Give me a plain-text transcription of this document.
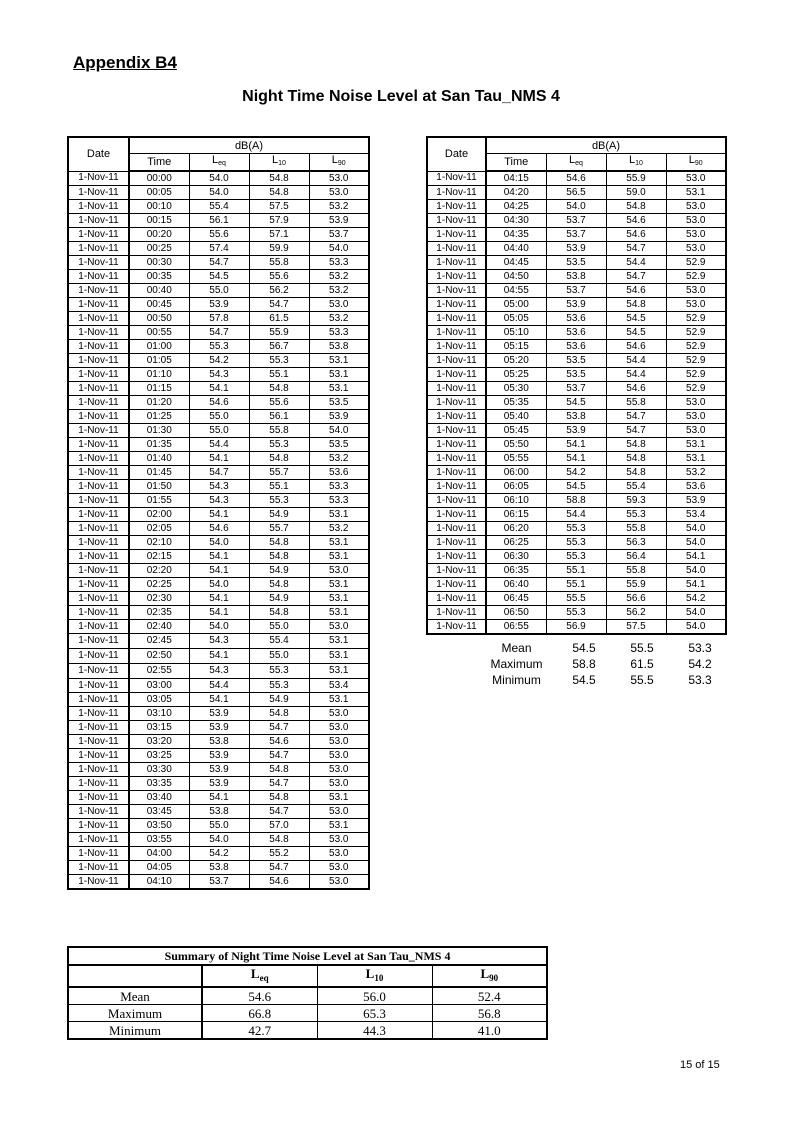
Appendix B4
Night Time Noise Level at San Tau_NMS 4
Date	dB(A)			
	Time	$L_{eq}$	$L_{10}$	$L_{90}$
1-Nov-11	00:00	54.0	54.8	53.0
1-Nov-11	00:05	54.0	54.8	53.0
1-Nov-11	00:10	55.4	57.5	53.2
1-Nov-11	00:15	56.1	57.9	53.9
1-Nov-11	00:20	55.6	57.1	53.7
1-Nov-11	00:25	57.4	59.9	54.0
1-Nov-11	00:30	54.7	55.8	53.3
1-Nov-11	00:35	54.5	55.6	53.2
1-Nov-11	00:40	55.0	56.2	53.2
1-Nov-11	00:45	53.9	54.7	53.0
1-Nov-11	00:50	57.8	61.5	53.2
1-Nov-11	00:55	54.7	55.9	53.3
1-Nov-11	01:00	55.3	56.7	53.8
1-Nov-11	01:05	54.2	55.3	53.1
1-Nov-11	01:10	54.3	55.1	53.1
1-Nov-11	01:15	54.1	54.8	53.1
1-Nov-11	01:20	54.6	55.6	53.5
1-Nov-11	01:25	55.0	56.1	53.9
1-Nov-11	01:30	55.0	55.8	54.0
1-Nov-11	01:35	54.4	55.3	53.5
1-Nov-11	01:40	54.1	54.8	53.2
1-Nov-11	01:45	54.7	55.7	53.6
1-Nov-11	01:50	54.3	55.1	53.3
1-Nov-11	01:55	54.3	55.3	53.3
1-Nov-11	02:00	54.1	54.9	53.1
1-Nov-11	02:05	54.6	55.7	53.2
1-Nov-11	02:10	54.0	54.8	53.1
1-Nov-11	02:15	54.1	54.8	53.1
1-Nov-11	02:20	54.1	54.9	53.0
1-Nov-11	02:25	54.0	54.8	53.1
1-Nov-11	02:30	54.1	54.9	53.1
1-Nov-11	02:35	54.1	54.8	53.1
1-Nov-11	02:40	54.0	55.0	53.0
1-Nov-11	02:45	54.3	55.4	53.1
1-Nov-11	02:50	54.1	55.0	53.1
1-Nov-11	02:55	54.3	55.3	53.1
1-Nov-11	03:00	54.4	55.3	53.4
1-Nov-11	03:05	54.1	54.9	53.1
1-Nov-11	03:10	53.9	54.8	53.0
1-Nov-11	03:15	53.9	54.7	53.0
1-Nov-11	03:20	53.8	54.6	53.0
1-Nov-11	03:25	53.9	54.7	53.0
1-Nov-11	03:30	53.9	54.8	53.0
1-Nov-11	03:35	53.9	54.7	53.0
1-Nov-11	03:40	54.1	54.8	53.1
1-Nov-11	03:45	53.8	54.7	53.0
1-Nov-11	03:50	55.0	57.0	53.1
1-Nov-11	03:55	54.0	54.8	53.0
1-Nov-11	04:00	54.2	55.2	53.0
1-Nov-11	04:05	53.8	54.7	53.0
1-Nov-11	04:10	53.7	54.6	53.0
Date	dB(A)			
	Time	$L_{eq}$	$L_{10}$	$L_{90}$
1-Nov-11	04:15	54.6	55.9	53.0
1-Nov-11	04:20	56.5	59.0	53.1
1-Nov-11	04:25	54.0	54.8	53.0
1-Nov-11	04:30	53.7	54.6	53.0
1-Nov-11	04:35	53.7	54.6	53.0
1-Nov-11	04:40	53.9	54.7	53.0
1-Nov-11	04:45	53.5	54.4	52.9
1-Nov-11	04:50	53.8	54.7	52.9
1-Nov-11	04:55	53.7	54.6	53.0
1-Nov-11	05:00	53.9	54.8	53.0
1-Nov-11	05:05	53.6	54.5	52.9
1-Nov-11	05:10	53.6	54.5	52.9
1-Nov-11	05:15	53.6	54.6	52.9
1-Nov-11	05:20	53.5	54.4	52.9
1-Nov-11	05:25	53.5	54.4	52.9
1-Nov-11	05:30	53.7	54.6	52.9
1-Nov-11	05:35	54.5	55.8	53.0
1-Nov-11	05:40	53.8	54.7	53.0
1-Nov-11	05:45	53.9	54.7	53.0
1-Nov-11	05:50	54.1	54.8	53.1
1-Nov-11	05:55	54.1	54.8	53.1
1-Nov-11	06:00	54.2	54.8	53.2
1-Nov-11	06:05	54.5	55.4	53.6
1-Nov-11	06:10	58.8	59.3	53.9
1-Nov-11	06:15	54.4	55.3	53.4
1-Nov-11	06:20	55.3	55.8	54.0
1-Nov-11	06:25	55.3	56.3	54.0
1-Nov-11	06:30	55.3	56.4	54.1
1-Nov-11	06:35	55.1	55.8	54.0
1-Nov-11	06:40	55.1	55.9	54.1
1-Nov-11	06:45	55.5	56.6	54.2
1-Nov-11	06:50	55.3	56.2	54.0
1-Nov-11	06:55	56.9	57.5	54.0
Mean	54.5	55.5	53.3
Maximum	58.8	61.5	54.2
Minimum	54.5	55.5	53.3
Summary of Night Time Noise Level at San Tau_NMS 4			
	$L_{eq}$	$L_{10}$	$L_{90}$
Mean	54.6	56.0	52.4
Maximum	66.8	65.3	56.8
Minimum	42.7	44.3	41.0
15 of 15
